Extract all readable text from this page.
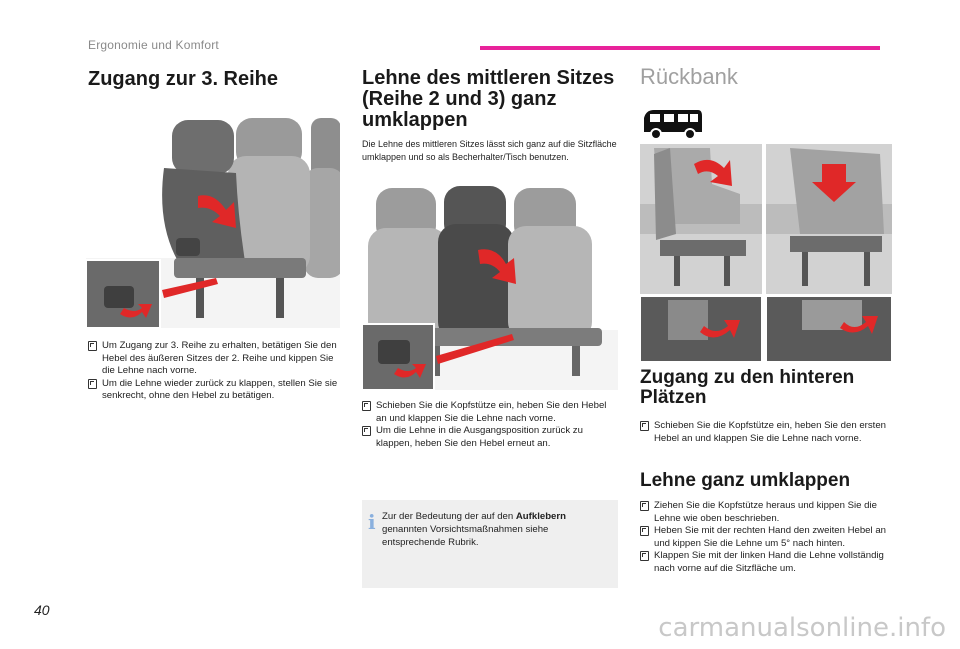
Ergonomie und Komfort
Zugang zur 3. Reihe
Um Zugang zur 3. Reihe zu erhalten, betätigen Sie den Hebel des äußeren Sitzes der 2. Reihe und kippen Sie die Lehne nach vorne.
Um die Lehne wieder zurück zu klappen, stellen Sie sie senkrecht, ohne den Hebel zu betätigen.
Lehne des mittleren Sitzes (Reihe 2 und 3) ganz umklappen
Die Lehne des mittleren Sitzes lässt sich ganz auf die Sitzfläche umklappen und so als Becherhalter/Tisch benutzen.
Schieben Sie die Kopfstütze ein, heben Sie den Hebel an und klappen Sie die Lehne nach vorne.
Um die Lehne in die Ausgangsposition zurück zu klappen, heben Sie den Hebel erneut an.
i Zur der Bedeutung der auf den Aufklebern genannten Vorsichtsmaßnahmen siehe entsprechende Rubrik.
Rückbank
Zugang zu den hinteren Plätzen
Schieben Sie die Kopfstütze ein, heben Sie den ersten Hebel an und klappen Sie die Lehne nach vorne.
Lehne ganz umklappen
Ziehen Sie die Kopfstütze heraus und kippen Sie die Lehne wie oben beschrieben.
Heben Sie mit der rechten Hand den zweiten Hebel an und kippen Sie die Lehne um 5° nach hinten.
Klappen Sie mit der linken Hand die Lehne vollständig nach vorne auf die Sitzfläche um.
40
carmanualsonline.info
